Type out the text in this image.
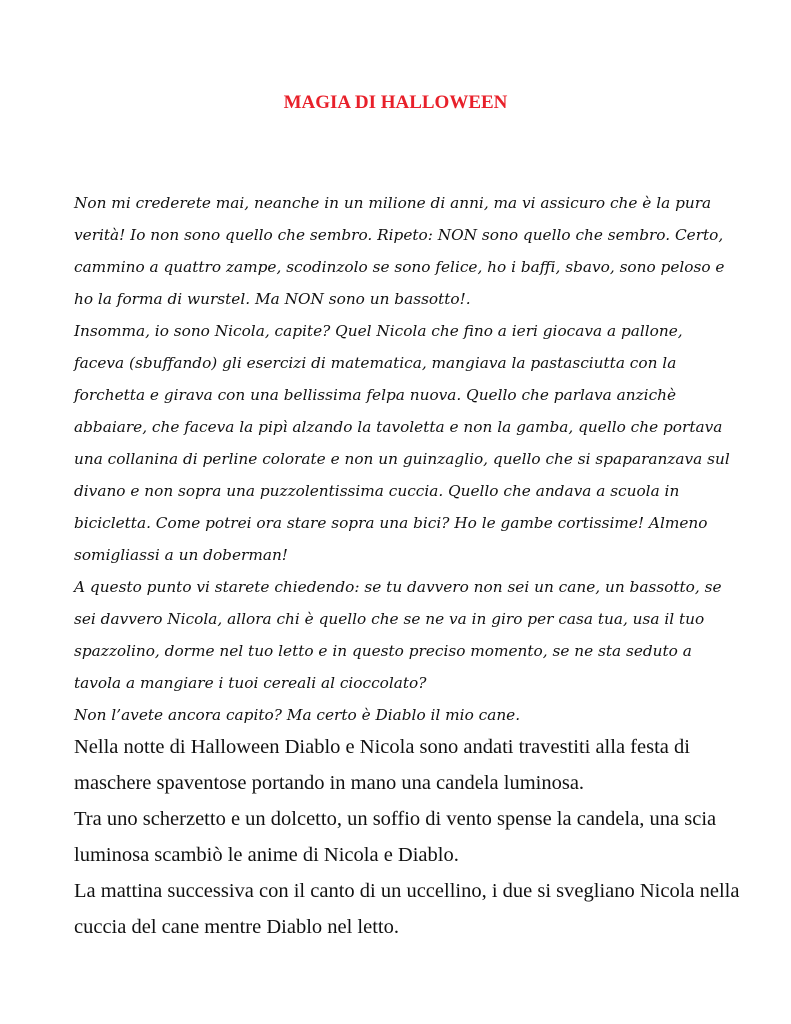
MAGIA DI HALLOWEEN

Non mi crederete mai, neanche in un milione di anni, ma vi assicuro che è la pura verità! Io non sono quello che sembro. Ripeto: NON sono quello che sembro. Certo, cammino a quattro zampe, scodinzolo se sono felice, ho i baffi, sbavo, sono peloso e ho la forma di wurstel. Ma NON sono un bassotto!.

Insomma, io sono Nicola, capite? Quel Nicola che fino a ieri giocava a pallone, faceva (sbuffando) gli esercizi di matematica, mangiava la pastasciutta con la forchetta e girava con una bellissima felpa nuova. Quello che parlava anzichè abbaiare, che faceva la pipì alzando la tavoletta e non la gamba, quello che portava una collanina di perline colorate e non un guinzaglio, quello che si spaparanzava sul divano e non sopra una puzzolentissima cuccia. Quello che andava a scuola in bicicletta. Come potrei ora stare sopra una bici? Ho le gambe cortissime! Almeno somigliassi a un doberman!

A questo punto vi starete chiedendo: se tu davvero non sei un cane, un bassotto, se sei davvero Nicola, allora chi è quello che se ne va in giro per casa tua, usa il tuo spazzolino, dorme nel tuo letto e in questo preciso momento, se ne sta seduto a tavola a mangiare i tuoi cereali al cioccolato?

Non l’avete ancora capito? Ma certo è Diablo il mio cane.

Nella notte di Halloween Diablo e Nicola sono andati travestiti alla festa di maschere spaventose portando in mano una candela luminosa.

Tra uno scherzetto e un dolcetto, un soffio di vento spense la candela, una scia luminosa scambiò le anime di Nicola e Diablo.

La mattina successiva con il canto di un uccellino, i due si svegliano Nicola nella cuccia del cane mentre Diablo nel letto.
